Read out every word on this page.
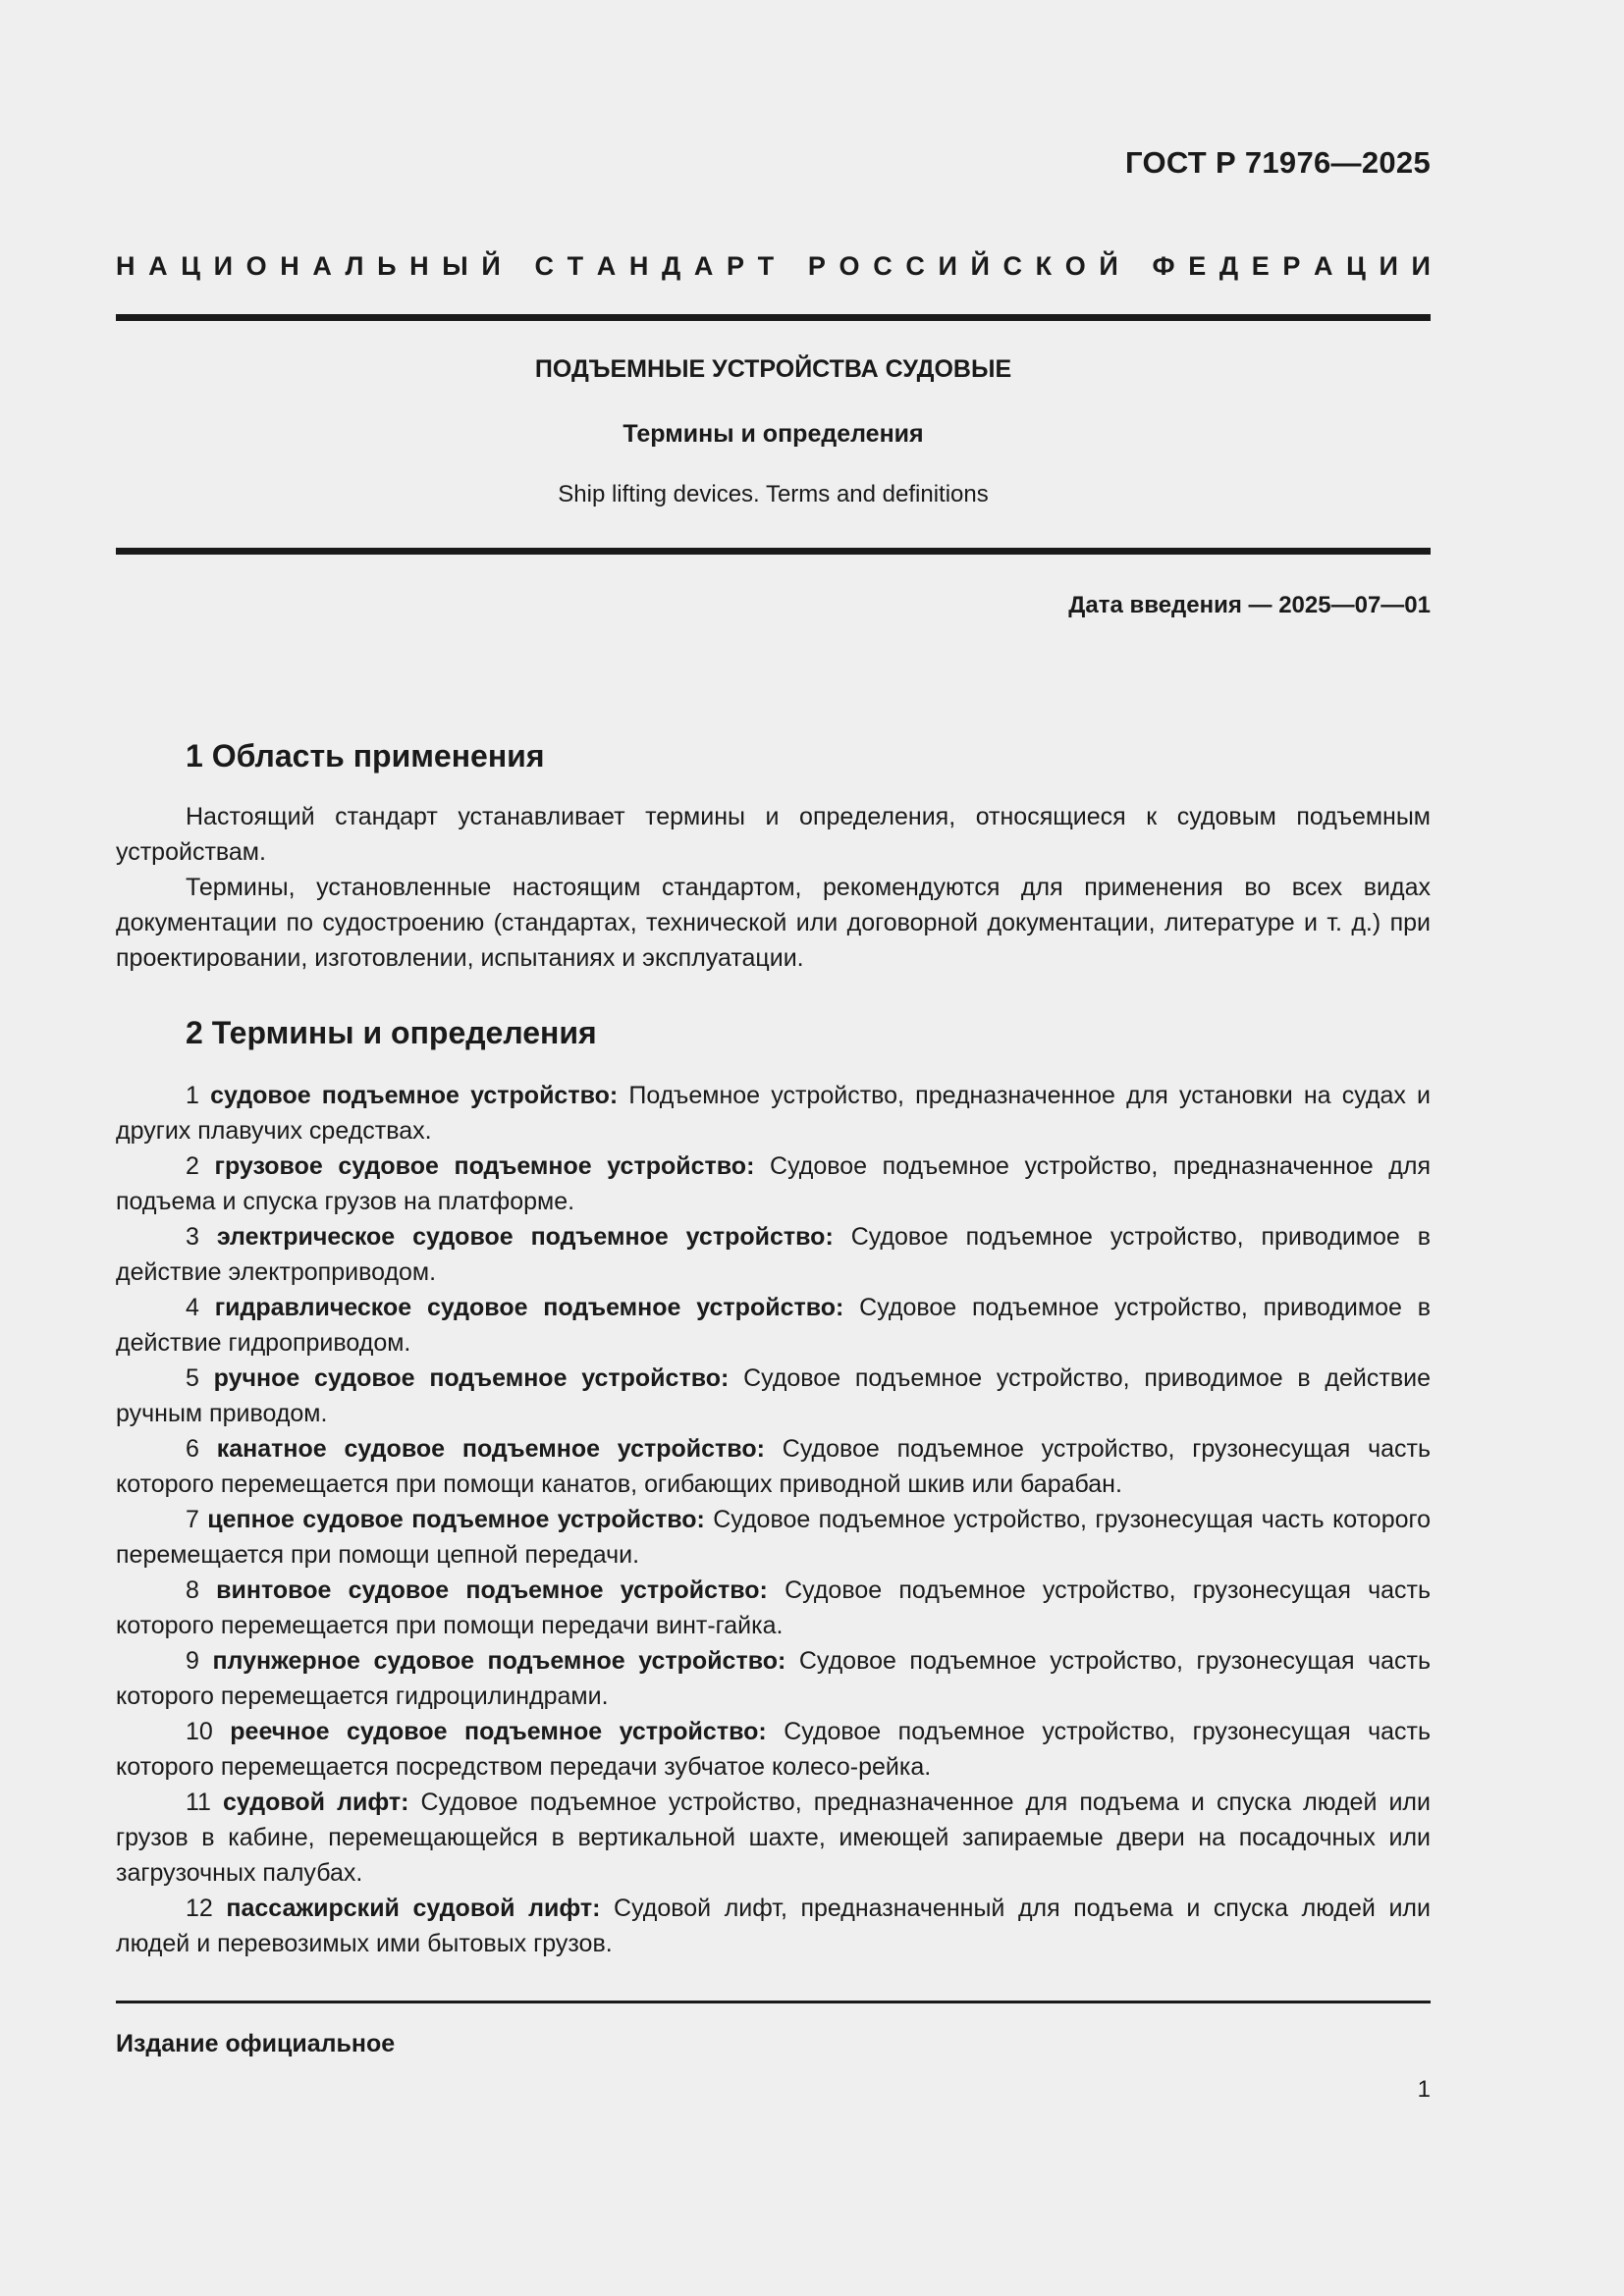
ГОСТ Р 71976—2025
Н А Ц И О Н А Л Ь Н Ы Й
С Т А Н Д А Р Т
Р О С С И Й С К О Й
Ф Е Д Е Р А Ц И И
ПОДЪЕМНЫЕ УСТРОЙСТВА СУДОВЫЕ
Термины и определения
Ship lifting devices. Terms and definitions
Дата введения — 2025—07—01
1 Область применения

Настоящий стандарт устанавливает термины и определения, относящиеся к судовым подъемным устройствам.

Термины, установленные настоящим стандартом, рекомендуются для применения во всех видах документации по судостроению (стандартах, технической или договорной документации, литературе и т. д.) при проектировании, изготовлении, испытаниях и эксплуатации.

2 Термины и определения

1 судовое подъемное устройство: Подъемное устройство, предназначенное для установки на судах и других плавучих средствах.

2 грузовое судовое подъемное устройство: Судовое подъемное устройство, предназначенное для подъема и спуска грузов на платформе.

3 электрическое судовое подъемное устройство: Судовое подъемное устройство, приводимое в действие электроприводом.

4 гидравлическое судовое подъемное устройство: Судовое подъемное устройство, приводимое в действие гидроприводом.

5 ручное судовое подъемное устройство: Судовое подъемное устройство, приводимое в действие ручным приводом.

6 канатное судовое подъемное устройство: Судовое подъемное устройство, грузонесущая часть которого перемещается при помощи канатов, огибающих приводной шкив или барабан.

7 цепное судовое подъемное устройство: Судовое подъемное устройство, грузонесущая часть которого перемещается при помощи цепной передачи.

8 винтовое судовое подъемное устройство: Судовое подъемное устройство, грузонесущая часть которого перемещается при помощи передачи винт-гайка.

9 плунжерное судовое подъемное устройство: Судовое подъемное устройство, грузонесущая часть которого перемещается гидроцилиндрами.

10 реечное судовое подъемное устройство: Судовое подъемное устройство, грузонесущая часть которого перемещается посредством передачи зубчатое колесо-рейка.

11 судовой лифт: Судовое подъемное устройство, предназначенное для подъема и спуска людей или грузов в кабине, перемещающейся в вертикальной шахте, имеющей запираемые двери на посадочных или загрузочных палубах.

12 пассажирский судовой лифт: Судовой лифт, предназначенный для подъема и спуска людей или людей и перевозимых ими бытовых грузов.

Издание официальное
1
